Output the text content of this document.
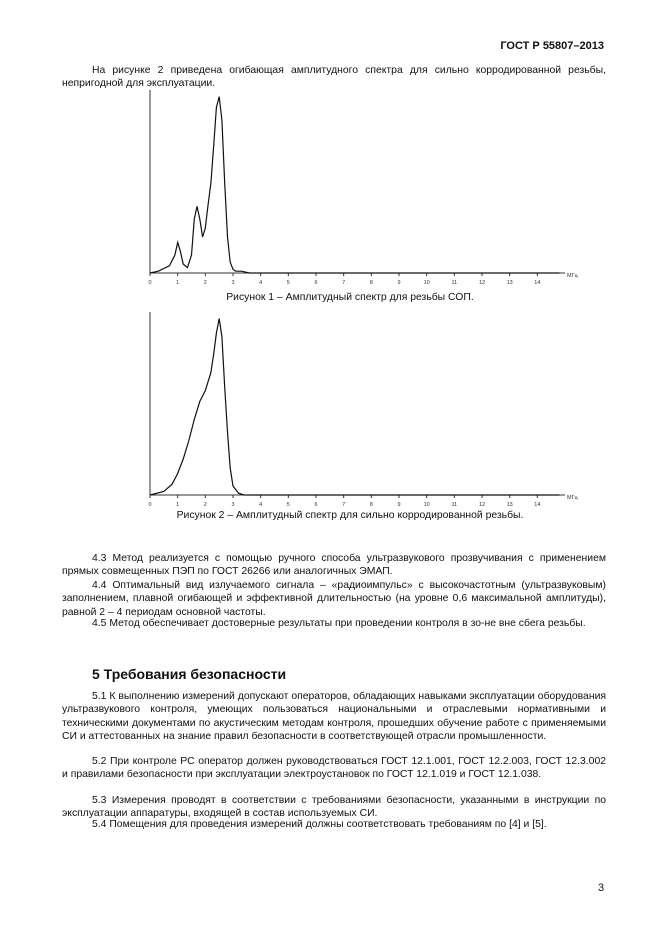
ГОСТ Р 55807–2013
На рисунке 2 приведена огибающая амплитудного спектра для сильно корродированной резьбы, непригодной для эксплуатации.
0	1	2	3	4	5	6	7	8	9	10	11	12	13	14
МГц
Рисунок 1 – Амплитудный спектр для резьбы СОП.
0	1	2	3	4	5	6	7	8	9	10	11	12	13	14
МГц
Рисунок 2 – Амплитудный спектр для сильно корродированной резьбы.
4.3 Метод реализуется с помощью ручного способа ультразвукового прозвучивания с применением прямых совмещенных ПЭП по ГОСТ 26266 или аналогичных ЭМАП.
4.4 Оптимальный вид излучаемого сигнала – «радиоимпульс» с высокочастотным (ультразвуковым) заполнением, плавной огибающей и эффективной длительностью (на уровне 0,6 максимальной амплитуды), равной 2 – 4 периодам основной частоты.
4.5 Метод обеспечивает достоверные результаты при проведении контроля в зо-не вне сбега резьбы.
5 Требования безопасности
5.1 К выполнению измерений допускают операторов, обладающих навыками эксплуатации оборудования ультразвукового контроля, умеющих пользоваться национальными и отраслевыми нормативными и техническими документами по акустическим методам контроля, прошедших обучение работе с применяемыми СИ и аттестованных на знание правил безопасности в соответствующей отрасли промышленности.
5.2 При контроле РС оператор должен руководствоваться ГОСТ 12.1.001, ГОСТ 12.2.003, ГОСТ 12.3.002 и правилами безопасности при эксплуатации электроустановок по ГОСТ 12.1.019 и ГОСТ 12.1.038.
5.3 Измерения проводят в соответствии с требованиями безопасности, указанными в инструкции по эксплуатации аппаратуры, входящей в состав используемых СИ.
5.4 Помещения для проведения измерений должны соответствовать требованиям по [4] и [5].
3
